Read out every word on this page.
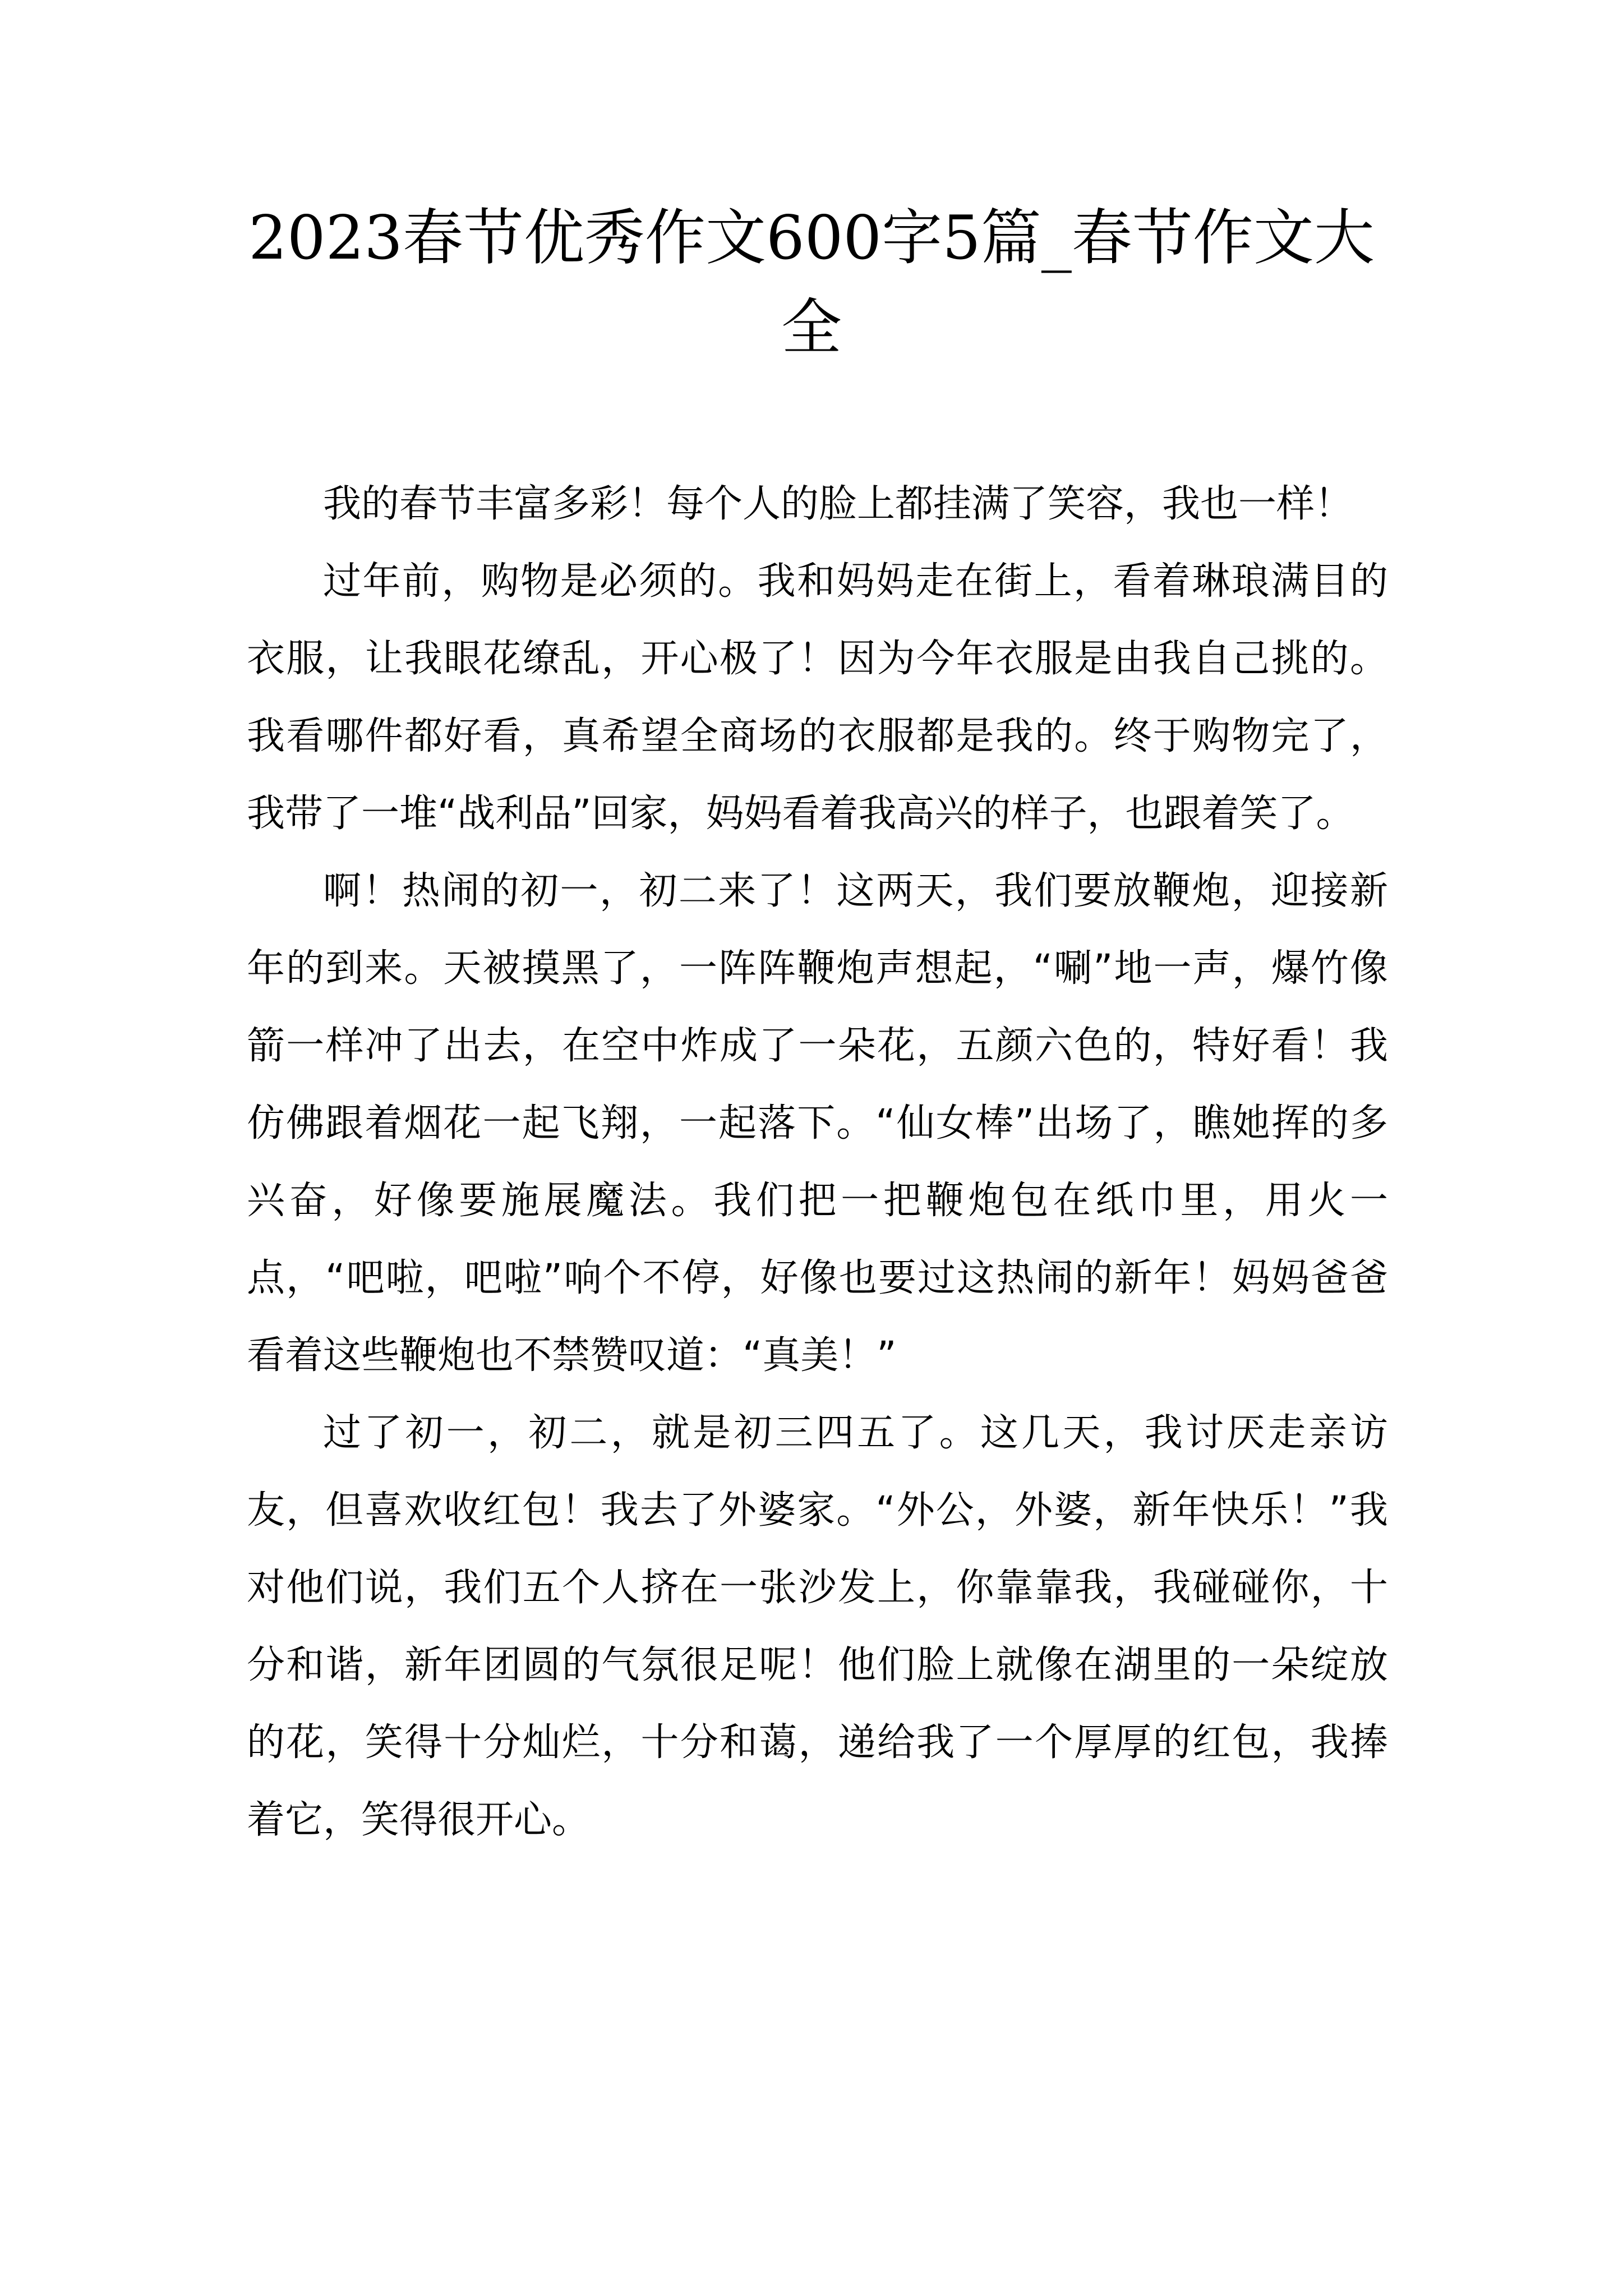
2023春节优秀作文600字5篇_春节作文大全

我的春节丰富多彩！每个人的脸上都挂满了笑容，我也一样！

过年前，购物是必须的。我和妈妈走在街上，看着琳琅满目的衣服，让我眼花缭乱，开心极了！因为今年衣服是由我自己挑的。我看哪件都好看，真希望全商场的衣服都是我的。终于购物完了，我带了一堆“战利品”回家，妈妈看着我高兴的样子，也跟着笑了。

啊！热闹的初一，初二来了！这两天，我们要放鞭炮，迎接新年的到来。天被摸黑了，一阵阵鞭炮声想起，“唰”地一声，爆竹像箭一样冲了出去，在空中炸成了一朵花，五颜六色的，特好看！我仿佛跟着烟花一起飞翔，一起落下。“仙女棒”出场了，瞧她挥的多兴奋，好像要施展魔法。我们把一把鞭炮包在纸巾里，用火一点，“吧啦，吧啦”响个不停，好像也要过这热闹的新年！妈妈爸爸看着这些鞭炮也不禁赞叹道：“真美！”

过了初一，初二，就是初三四五了。这几天，我讨厌走亲访友，但喜欢收红包！我去了外婆家。“外公，外婆，新年快乐！”我对他们说，我们五个人挤在一张沙发上，你靠靠我，我碰碰你，十分和谐，新年团圆的气氛很足呢！他们脸上就像在湖里的一朵绽放的花，笑得十分灿烂，十分和蔼，递给我了一个厚厚的红包，我捧着它，笑得很开心。
